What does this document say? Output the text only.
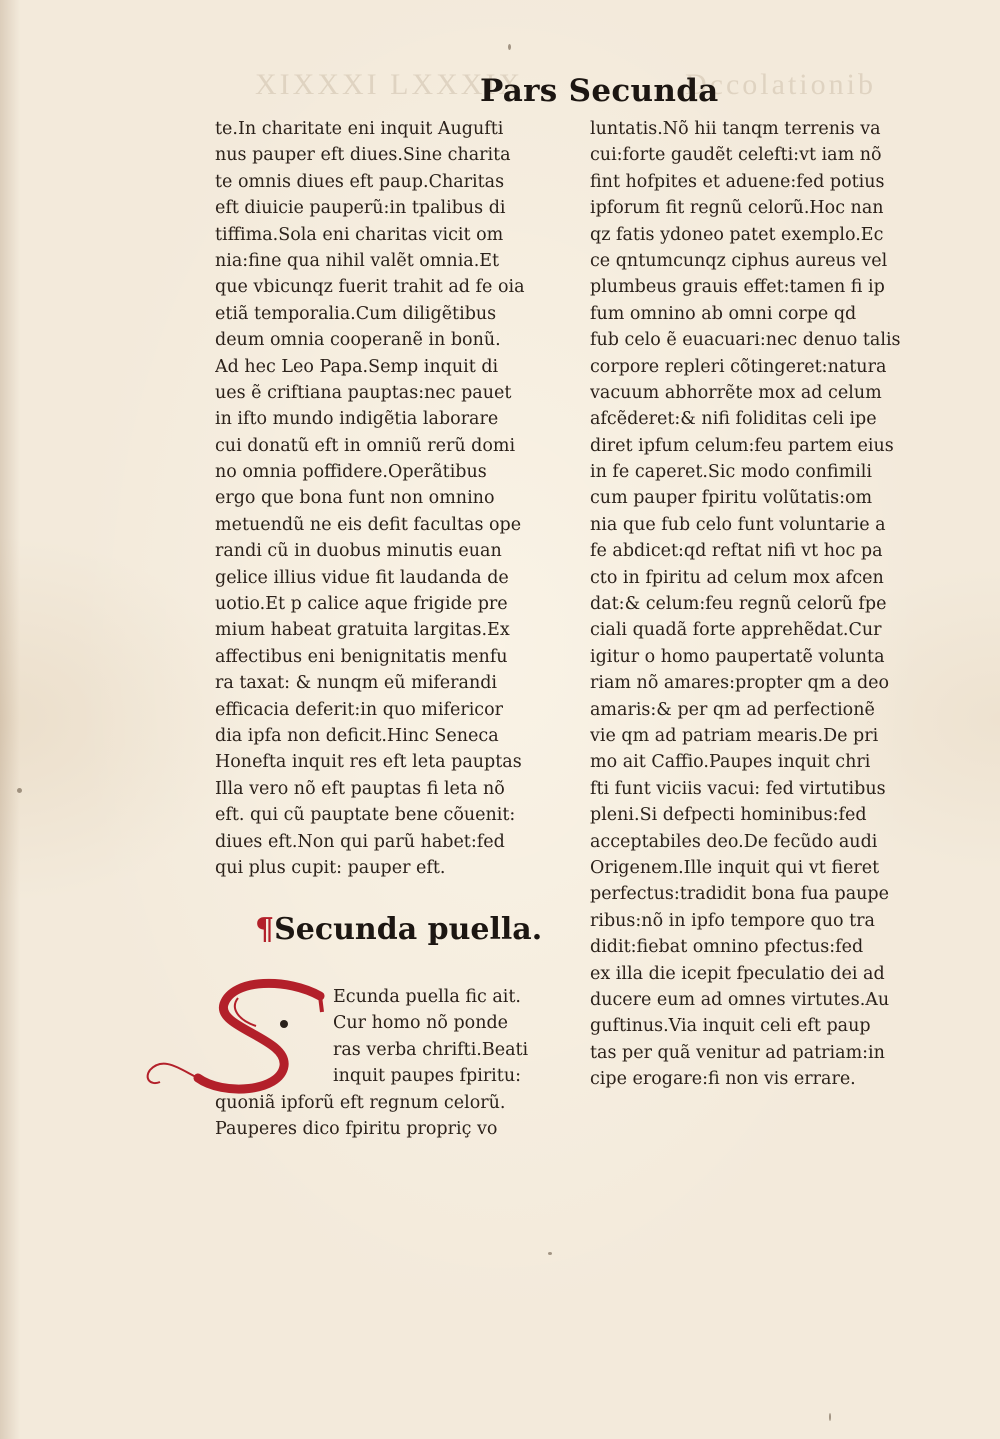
XIXXXI LXXXIX	Dccolationib
Pars Secunda
te.In charitate eni inquit Augufti
nus pauper eft diues.Sine charita
te omnis diues eft paup.Charitas
eft diuicie pauperũ:in tpalibus di
tiffima.Sola eni charitas vicit om
nia:fine qua nihil valẽt omnia.Et
que vbicunqz fuerit trahit ad fe oia
etiã temporalia.Cum diligẽtibus
deum omnia cooperanẽ in bonũ.
Ad hec Leo Papa.Semp inquit di
ues ẽ criftiana pauptas:nec pauet
in ifto mundo indigẽtia laborare
cui donatũ eft in omniũ rerũ domi
no omnia poffidere.Operãtibus
ergo que bona funt non omnino
metuendũ ne eis defit facultas ope
randi cũ in duobus minutis euan
gelice illius vidue fit laudanda de
uotio.Et p calice aque frigide pre
mium habeat gratuita largitas.Ex
affectibus eni benignitatis menfu
ra taxat: & nunqm eũ miferandi
efficacia deferit:in quo mifericor
dia ipfa non deficit.Hinc Seneca
Honefta inquit res eft leta pauptas
Illa vero nõ eft pauptas fi leta nõ
eft. qui cũ pauptate bene cõuenit:
diues eft.Non qui parũ habet:fed
qui plus cupit: pauper eft.
¶Secunda puella.
Ecunda puella fic ait.
Cur homo nõ ponde
ras verba chrifti.Beati
inquit paupes fpiritu:
quoniã ipforũ eft regnum celorũ.
Pauperes dico fpiritu propriç vo
luntatis.Nõ hii tanqm terrenis va
cui:forte gaudẽt celefti:vt iam nõ
fint hofpites et aduene:fed potius
ipforum fit regnũ celorũ.Hoc nan
qz fatis ydoneo patet exemplo.Ec
ce qntumcunqz ciphus aureus vel
plumbeus grauis effet:tamen fi ip
fum omnino ab omni corpe qd
fub celo ẽ euacuari:nec denuo talis
corpore repleri cõtingeret:natura
vacuum abhorrẽte mox ad celum
afcẽderet:& nifi foliditas celi ipe
diret ipfum celum:feu partem eius
in fe caperet.Sic modo confimili
cum pauper fpiritu volũtatis:om
nia que fub celo funt voluntarie a
fe abdicet:qd reftat nifi vt hoc pa
cto in fpiritu ad celum mox afcen
dat:& celum:feu regnũ celorũ fpe
ciali quadã forte apprehẽdat.Cur
igitur o homo paupertatẽ volunta
riam nõ amares:propter qm a deo
amaris:& per qm ad perfectionẽ
vie qm ad patriam mearis.De pri
mo ait Caffio.Paupes inquit chri
fti funt viciis vacui: fed virtutibus
pleni.Si defpecti hominibus:fed
acceptabiles deo.De fecũdo audi
Origenem.Ille inquit qui vt fieret
perfectus:tradidit bona fua paupe
ribus:nõ in ipfo tempore quo tra
didit:fiebat omnino pfectus:fed
ex illa die icepit fpeculatio dei ad
ducere eum ad omnes virtutes.Au
guftinus.Via inquit celi eft paup
tas per quã venitur ad patriam:in
cipe erogare:fi non vis errare.
